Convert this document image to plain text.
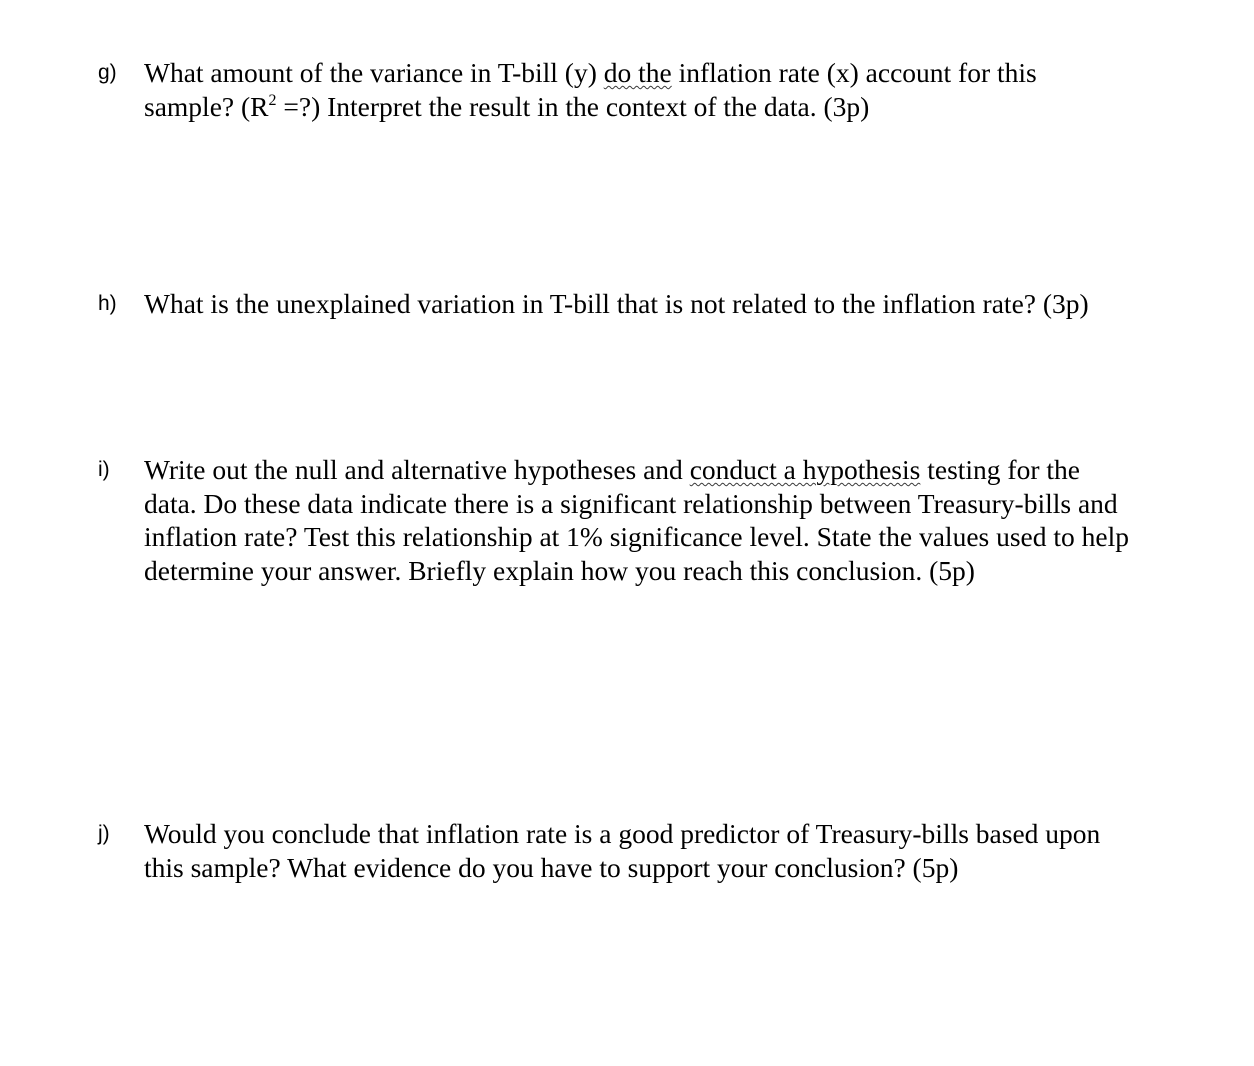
g) What amount of the variance in T-bill (y) do the inflation rate (x) account for this
sample? ($R^2$ =?) Interpret the result in the context of the data. (3p)
h) What is the unexplained variation in T-bill that is not related to the inflation rate? (3p)
i) Write out the null and alternative hypotheses and conduct a hypothesis testing for the
data. Do these data indicate there is a significant relationship between Treasury-bills and
inflation rate? Test this relationship at 1% significance level. State the values used to help
determine your answer. Briefly explain how you reach this conclusion. (5p)
j) Would you conclude that inflation rate is a good predictor of Treasury-bills based upon
this sample? What evidence do you have to support your conclusion? (5p)
